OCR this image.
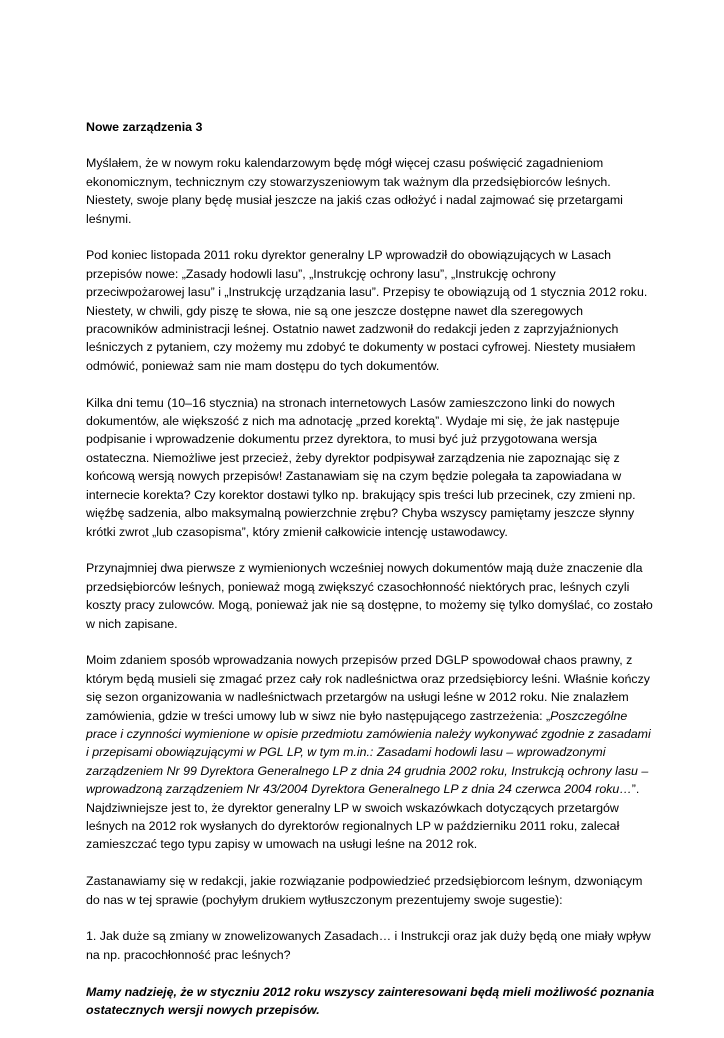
Nowe zarządzenia 3

Myślałem, że w nowym roku kalendarzowym będę mógł więcej czasu poświęcić zagadnieniom ekonomicznym, technicznym czy stowarzyszeniowym tak ważnym dla przedsiębiorców leśnych. Niestety, swoje plany będę musiał jeszcze na jakiś czas odłożyć i nadal zajmować się przetargami leśnymi.

Pod koniec listopada 2011 roku dyrektor generalny LP wprowadził do obowiązujących w Lasach przepisów nowe: „Zasady hodowli lasu”, „Instrukcję ochrony lasu”, „Instrukcję ochrony przeciwpożarowej lasu” i „Instrukcję urządzania lasu”. Przepisy te obowiązują od 1 stycznia 2012 roku. Niestety, w chwili, gdy piszę te słowa, nie są one jeszcze dostępne nawet dla szeregowych pracowników administracji leśnej. Ostatnio nawet zadzwonił do redakcji jeden z zaprzyjaźnionych leśniczych z pytaniem, czy możemy mu zdobyć te dokumenty w postaci cyfrowej. Niestety musiałem odmówić, ponieważ sam nie mam dostępu do tych dokumentów.

Kilka dni temu (10–16 stycznia) na stronach internetowych Lasów zamieszczono linki do nowych dokumentów, ale większość z nich ma adnotację „przed korektą”. Wydaje mi się, że jak następuje podpisanie i wprowadzenie dokumentu przez dyrektora, to musi być już przygotowana wersja ostateczna. Niemożliwe jest przecież, żeby dyrektor podpisywał zarządzenia nie zapoznając się z końcową wersją nowych przepisów! Zastanawiam się na czym będzie polegała ta zapowiadana w internecie korekta? Czy korektor dostawi tylko np. brakujący spis treści lub przecinek, czy zmieni np. więźbę sadzenia, albo maksymalną powierzchnie zrębu? Chyba wszyscy pamiętamy jeszcze słynny krótki zwrot „lub czasopisma”, który zmienił całkowicie intencję ustawodawcy.

Przynajmniej dwa pierwsze z wymienionych wcześniej nowych dokumentów mają duże znaczenie dla przedsiębiorców leśnych, ponieważ mogą zwiększyć czasochłonność niektórych prac, leśnych czyli koszty pracy zulowców. Mogą, ponieważ jak nie są dostępne, to możemy się tylko domyślać, co zostało w nich zapisane.

Moim zdaniem sposób wprowadzania nowych przepisów przed DGLP spowodował chaos prawny, z którym będą musieli się zmagać przez cały rok nadleśnictwa oraz przedsiębiorcy leśni. Właśnie kończy się sezon organizowania w nadleśnictwach przetargów na usługi leśne w 2012 roku. Nie znalazłem zamówienia, gdzie w treści umowy lub w siwz nie było następującego zastrzeżenia: „Poszczególne prace i czynności wymienione w opisie przedmiotu zamówienia należy wykonywać zgodnie z zasadami i przepisami obowiązującymi w PGL LP, w tym m.in.: Zasadami hodowli lasu – wprowadzonymi zarządzeniem Nr 99 Dyrektora Generalnego LP z dnia 24 grudnia 2002 roku, Instrukcją ochrony lasu – wprowadzoną zarządzeniem Nr 43/2004 Dyrektora Generalnego LP z dnia 24 czerwca 2004 roku…”. Najdziwniejsze jest to, że dyrektor generalny LP w swoich wskazówkach dotyczących przetargów leśnych na 2012 rok wysłanych do dyrektorów regionalnych LP w październiku 2011 roku, zalecał zamieszczać tego typu zapisy w umowach na usługi leśne na 2012 rok.

Zastanawiamy się w redakcji, jakie rozwiązanie podpowiedzieć przedsiębiorcom leśnym, dzwoniącym do nas w tej sprawie (pochyłym drukiem wytłuszczonym prezentujemy swoje sugestie):

1. Jak duże są zmiany w znowelizowanych Zasadach… i Instrukcji oraz jak duży będą one miały wpływ na np. pracochłonność prac leśnych?

Mamy nadzieję, że w styczniu 2012 roku wszyscy zainteresowani będą mieli możliwość poznania ostatecznych wersji nowych przepisów.
